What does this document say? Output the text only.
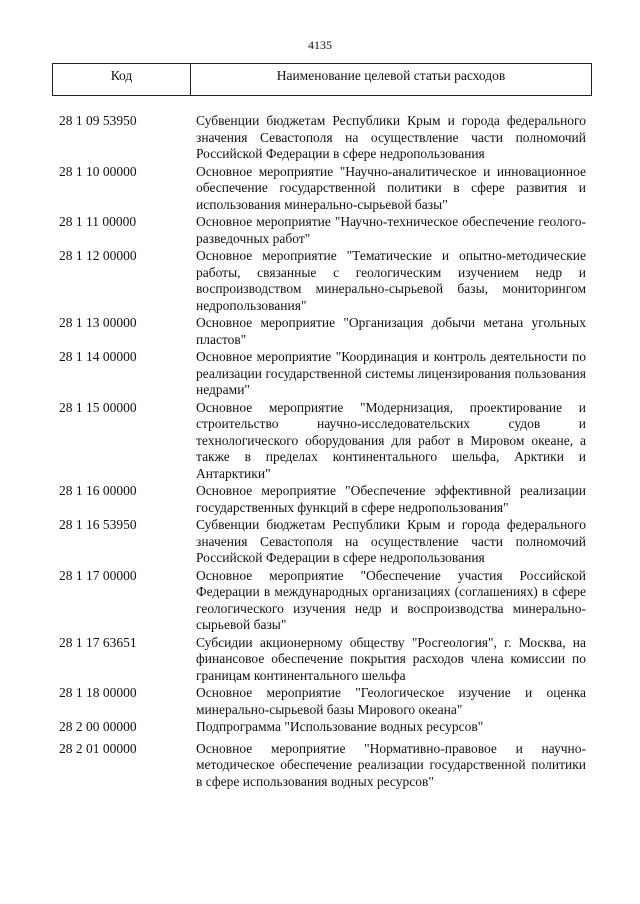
4135
Код	Наименование целевой статьи расходов
28 1 09 53950	Субвенции бюджетам Республики Крым и города федерального значения Севастополя на осуществление части полномочий Российской Федерации в сфере недропользования
28 1 10 00000	Основное мероприятие "Научно-аналитическое и инновационное обеспечение государственной политики в сфере развития и использования минерально-сырьевой базы"
28 1 11 00000	Основное мероприятие "Научно-техническое обеспечение геолого-разведочных работ"
28 1 12 00000	Основное мероприятие "Тематические и опытно-методические работы, связанные с геологическим изучением недр и воспроизводством минерально-сырьевой базы, мониторингом недропользования"
28 1 13 00000	Основное мероприятие "Организация добычи метана угольных пластов"
28 1 14 00000	Основное мероприятие "Координация и контроль деятельности по реализации государственной системы лицензирования пользования недрами"
28 1 15 00000	Основное мероприятие "Модернизация, проектирование и строительство научно-исследовательских судов и технологического оборудования для работ в Мировом океане, а также в пределах континентального шельфа, Арктики и Антарктики"
28 1 16 00000	Основное мероприятие "Обеспечение эффективной реализации государственных функций в сфере недропользования"
28 1 16 53950	Субвенции бюджетам Республики Крым и города федерального значения Севастополя на осуществление части полномочий Российской Федерации в сфере недропользования
28 1 17 00000	Основное мероприятие "Обеспечение участия Российской Федерации в международных организациях (соглашениях) в сфере геологического изучения недр и воспроизводства минерально-сырьевой базы"
28 1 17 63651	Субсидии акционерному обществу "Росгеология", г. Москва, на финансовое обеспечение покрытия расходов члена комиссии по границам континентального шельфа
28 1 18 00000	Основное мероприятие "Геологическое изучение и оценка минерально-сырьевой базы Мирового океана"
28 2 00 00000	Подпрограмма "Использование водных ресурсов"
28 2 01 00000	Основное мероприятие "Нормативно-правовое и научно-методическое обеспечение реализации государственной политики в сфере использования водных ресурсов"
